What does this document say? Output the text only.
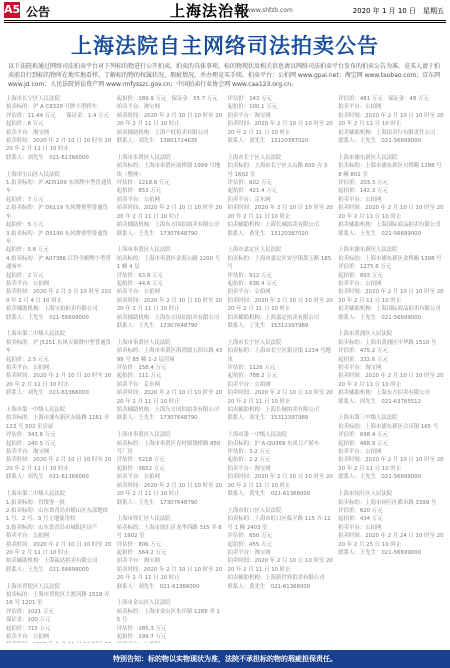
A5 公告	上海法治報
www.shfzb.com	2020 年 1 月 10 日　星期五
上海法院自主网络司法拍卖公告

以下法院拟通过网络司法拍卖平台对下列标的物进行公开拍卖，拍卖的具体事项、标的物现状及相关信息请以网络司法拍卖平台发布的拍卖公告为准。竞买人请于拍卖前自行到标的物所在地实地看样，了解标的物的权属状况、瑕疵情况，并办理竞买手续。拍卖平台：公拍网 www.gpai.net；淘宝网 www.taobao.com；京东网 www.jd.com；人民法院诉讼资产网 www.rmfysszc.gov.cn；中国拍卖行业协会网 www.caa123.org.cn。

上海市长宁区人民法院
拍卖标的：沪 A·C8329 号牌小型轿车
评估价：11.44 万元　　保证金：1.4 万元
起拍价：8 万元
拍卖平台：淘宝网
拍卖时间：2020 年 2 月 10 日 10 时至 2020 年 2 月 11 日 10 时止
联系人：刘先生　021-61366000

上海市宝山区人民法院
1.拍卖标的：沪 AD5109 东风牌中型普通货车
起拍价：7 万元
2.拍卖标的：沪 D6119 东风牌重型普通货车
起拍价：5 万元
3.拍卖标的：沪 D5190 东风牌重型普通货车
起拍价：5.6 万元
4.拍卖标的：沪 A07386 江铃全顺牌小型普通客车
起拍价：2 万元
拍卖平台：公拍网
拍卖时间：2020 年 2 月 3 日 10 时至 2020 年 2 月 4 日 10 时止
拍卖辅助机构：上海宝拍拍卖有限公司
联系人：王先生　021-56699000

上海市第二中级人民法院
拍卖标的：沪 J5251 东风天锦牌中型普通货车
起拍价：2.5 万元
拍卖平台：公拍网
拍卖时间：2020 年 2 月 10 日 10 时至 2020 年 2 月 11 日 10 时止
联系人：刘先生　021-61366000

上海市第一中级人民法院
拍卖标的：上海市浦东新区东陆路 1161 弄 123 号 502 室房屋
评估价：343.6 万元
起拍价：240.5 万元
拍卖平台：淘宝网
拍卖时间：2020 年 2 月 10 日 10 时至 2020 年 2 月 11 日 10 时止
联系人：刘先生　021-61366000

上海市第二中级人民法院
1.拍卖标的：管线等一批
2.拍卖标的：山东省青岛市崂山区东部地块 1 号、2 号、3 号土地使用权
3.拍卖标的：山东省青岛市城阳区房产
拍卖平台：公拍网
拍卖时间：2020 年 2 月 10 日 10 时至 2020 年 2 月 11 日 10 时止
拍卖辅助机构：上海福达拍卖有限公司
联系人：王先生　021-56699000

上海市普陀区人民法院
拍卖标的：上海市普陀区大渡河路 1518 弄 16 号 1201 室
评估价：1021 万元
保证金：100 万元
起拍价：715 万元
拍卖平台：公拍网

起拍价：189.9 万元　保证金：55.7 万元
拍卖平台：淘宝网
拍卖时间：2020 年 2 月 10 日 10 时至 2020 年 2 月 11 日 10 时止
拍卖辅助机构：上海产权拍卖有限公司
联系人：刘先生　13801724635

上海市奉贤区人民法院
拍卖标的：上海市奉贤区南桥镇 1999 号地块（整体）
评估价：1218.6 万元
起拍价：853 万元
拍卖平台：公拍网
拍卖时间：2020 年 2 月 10 日 10 时至 2020 年 2 月 11 日 10 时止
拍卖辅助机构：上海东方国拍拍卖有限公司
联系人：王先生　17307648790

上海市奉贤区人民法院
拍卖标的：上海市奉贤区金海公路 1200 号 1 幢 4 层
评估价：63.8 万元
起拍价：44.6 万元
拍卖平台：公拍网
拍卖时间：2020 年 2 月 10 日 10 时至 2020 年 2 月 11 日 10 时止
拍卖辅助机构：上海东方国拍拍卖有限公司
联系人：王先生　17307648790

上海市奉贤区人民法院
拍卖标的：上海市奉贤区海湾镇五四公路 4399 号 85 幢 1-2 层房屋
评估价：158.4 万元
起拍价：111 万元
拍卖平台：京东网
拍卖时间：2020 年 2 月 10 日 10 时至 2020 年 2 月 11 日 10 时止
拍卖辅助机构：上海东方国拍拍卖有限公司
联系人：王先生　17307648790

上海市奉贤区人民法院
拍卖标的：上海市奉贤区青村镇钱桥路 850 号厂房
评估价：5218 万元
起拍价：3652 万元
拍卖平台：公拍网
拍卖时间：2020 年 2 月 10 日 10 时至 2020 年 2 月 11 日 10 时止
联系人：王先生　17307648790

上海市徐汇区人民法院
拍卖标的：上海市徐汇区龙华西路 315 弄 6 号 1902 室
评估价：806 万元
起拍价：564.2 万元
拍卖平台：淘宝网
拍卖时间：2020 年 2 月 10 日 10 时至 2020 年 2 月 11 日 10 时止
联系人：刘先生　021-61366000

上海市金山区人民法院
拍卖标的：上海市金山区朱泾镇 1288 弄 15 号
评估价：285.3 万元
起拍价：199.7 万元

评估价：143 万元
起拍价：100.1 万元
拍卖平台：淘宝网
拍卖时间：2020 年 2 月 10 日 10 时至 2020 年 2 月 11 日 10 时止
联系人：刘先生　13120387020

上海市长宁区人民法院
拍卖标的：上海市长宁区天山路 600 弄 3 号 1602 室
评估价：602 万元
起拍价：421.4 万元
拍卖平台：京东网
拍卖时间：2020 年 2 月 10 日 10 时至 2020 年 2 月 11 日 10 时止
拍卖辅助机构：上海长城拍卖有限公司
联系人：黄先生　13120387020

上海市嘉定区人民法院
拍卖标的：上海市嘉定区安亭镇墨玉路 185 号
评估价：912 万元
起拍价：638.4 万元
拍卖平台：公拍网
拍卖时间：2020 年 2 月 10 日 10 时至 2020 年 2 月 11 日 10 时止
拍卖辅助机构：上海嘉定拍卖有限公司
联系人：丁先生　15312397989

上海市长宁区人民法院
拍卖标的：上海市长宁区新泾镇 1234 号地块
评估价：1126 万元
起拍价：788.2 万元
拍卖平台：公拍网
拍卖时间：2020 年 2 月 10 日 10 时至 2020 年 2 月 11 日 10 时止
拍卖辅助机构：上海长城拍卖有限公司
联系人：刘先生　15312397989

上海市第一中级人民法院
拍卖标的：沪 A·QU369 东风日产轿车
评估价：3.2 万元
起拍价：2.2 万元
拍卖平台：淘宝网
拍卖时间：2020 年 2 月 10 日 10 时至 2020 年 2 月 11 日 10 时止
联系人：黄先生　021-61366000

上海市虹口区人民法院
拍卖标的：上海市虹口区临平路 115 弄 12 号 1 幢 2403 室
评估价：650 万元
起拍价：455 万元
拍卖平台：淘宝网
拍卖时间：2020 年 2 月 10 日 10 时至 2020 年 2 月 11 日 10 时止
拍卖辅助机构：上海新世界拍卖有限公司
联系人：黄先生　021-61366000
评估价：481 万元　保证金：48 万元
拍卖平台：公拍网
拍卖时间：2020 年 2 月 10 日 10 时至 2020 年 2 月 11 日 10 时止
拍卖辅助机构：上海拍卖行有限责任公司
联系人：王先生　021-56699000

上海市浦东新区人民法院
拍卖标的：上海市浦东新区川桥路 1288 号 8 幢 802 室
评估价：203.3 万元
起拍价：142.3 万元
拍卖平台：公拍网
拍卖时间：2020 年 2 月 10 日 10 时至 2020 年 2 月 11 日 10 时止
拍卖辅助机构：上海国际商品拍卖有限公司
联系人：王先生　021-56699000

上海市浦东新区人民法院
拍卖标的：上海市浦东新区金桥路 1398 号
评估价：1275.6 万元
起拍价：893 万元
拍卖平台：公拍网
拍卖时间：2020 年 2 月 10 日 10 时至 2020 年 2 月 11 日 10 时止
拍卖辅助机构：上海国际商品拍卖有限公司
联系人：王先生　021-56699000

上海市黄浦区人民法院
拍卖标的：上海市黄浦区中华路 1510 号
评估价：475.2 万元
起拍价：332.6 万元
拍卖平台：淘宝网
拍卖时间：2020 年 2 月 10 日 10 时至 2020 年 2 月 11 日 10 时止
拍卖辅助机构：上海东方拍卖有限公司
联系人：周先生　021-63785512

上海市第三中级人民法院
拍卖标的：上海市浦东新区合庆镇 165 号
评估价：698.4 万元
起拍价：488.9 万元
拍卖平台：公拍网
拍卖时间：2020 年 2 月 10 日 10 时至 2020 年 2 月 11 日 10 时止
联系人：王先生　021-56699000

上海市闵行区人民法院
拍卖标的：上海市闵行区都市路 3399 号
评估价：620 万元
起拍价：434 万元
拍卖平台：公拍网
拍卖时间：2020 年 2 月 24 日 10 时至 2020 年 2 月 25 日 10 时止
联系人：王先生　021-56699000
特别告知：标的物以实物现状为准，法院不承担标的物的瑕疵担保责任。
